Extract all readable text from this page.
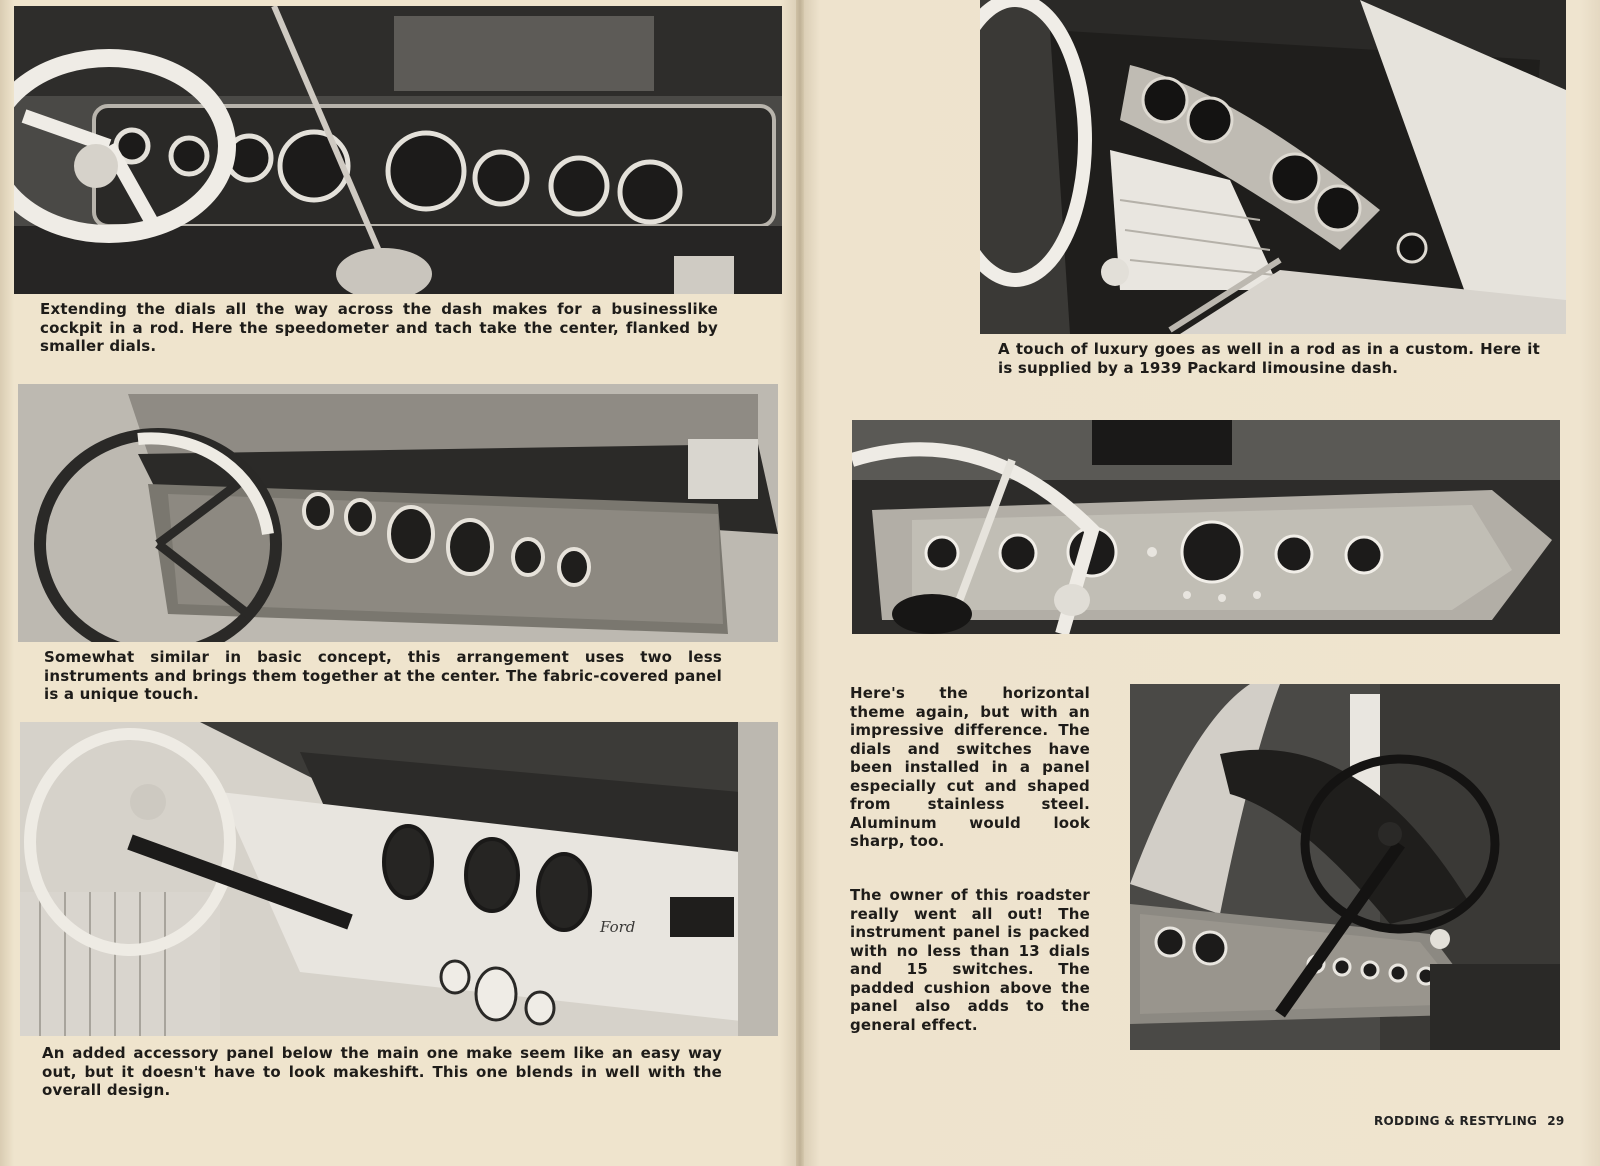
Extending the dials all the way across the dash makes for a businesslike cockpit in a rod. Here the speedometer and tach take the center, flanked by smaller dials.

Somewhat similar in basic concept, this arrangement uses two less instruments and brings them together at the center. The fabric-covered panel is a unique touch.

Ford

An added accessory panel below the main one make seem like an easy way out, but it doesn't have to look makeshift. This one blends in well with the overall design.

A touch of luxury goes as well in a rod as in a custom. Here it is supplied by a 1939 Packard limousine dash.

Here's the horizontal theme again, but with an impressive difference. The dials and switches have been installed in a panel especially cut and shaped from stainless steel. Aluminum would look sharp, too.

The owner of this roadster really went all out! The instrument panel is packed with no less than 13 dials and 15 switches. The padded cushion above the panel also adds to the general effect.

RODDING & RESTYLING 29
